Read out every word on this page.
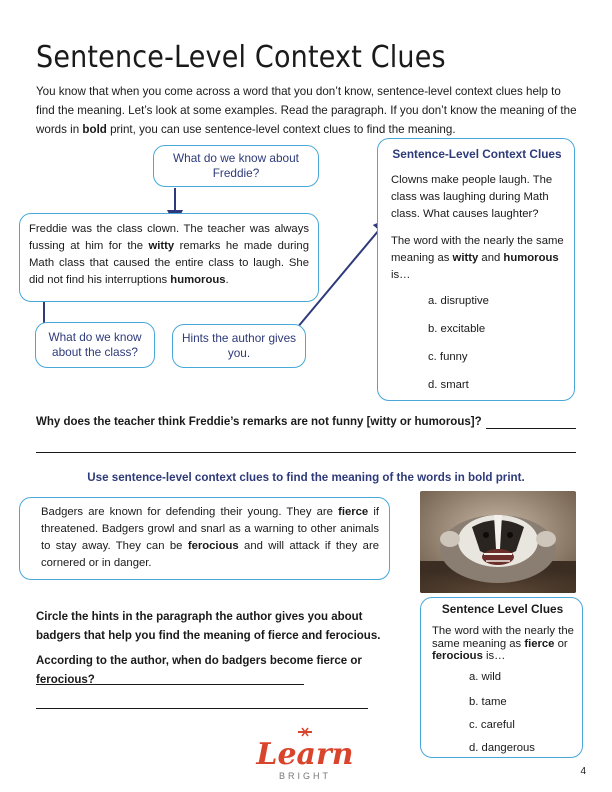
Sentence-Level Context Clues
You know that when you come across a word that you don’t know, sentence-level context clues help to find the meaning. Let’s look at some examples. Read the paragraph. If you don’t know the meaning of the words in bold print, you can use sentence-level context clues to find the meaning.
What do we know about Freddie?
Freddie was the class clown. The teacher was always fussing at him for the witty remarks he made during Math class that caused the entire class to laugh. She did not find his interruptions humorous.
What do we know about the class?
Hints the author gives you.
Sentence-Level Context Clues
Clowns make people laugh. The class was laughing during Math class. What causes laughter?
The word with the nearly the same meaning as witty and humorous is…
a. disruptive
b. excitable
c. funny
d. smart
Why does the teacher think Freddie’s remarks are not funny [witty or humorous]?
Use sentence-level context clues to find the meaning of the words in bold print.
Badgers are known for defending their young. They are fierce if threatened. Badgers growl and snarl as a warning to other animals to stay away. They can be ferocious and will attack if they are cornered or in danger.
Sentence Level Clues
The word with the nearly the same meaning as fierce or ferocious is…
a. wild
b. tame
c. careful
d. dangerous
Circle the hints in the paragraph the author gives you about badgers that help you find the meaning of fierce and ferocious.
According to the author, when do badgers become fierce or ferocious?
Learn
BRIGHT	4
